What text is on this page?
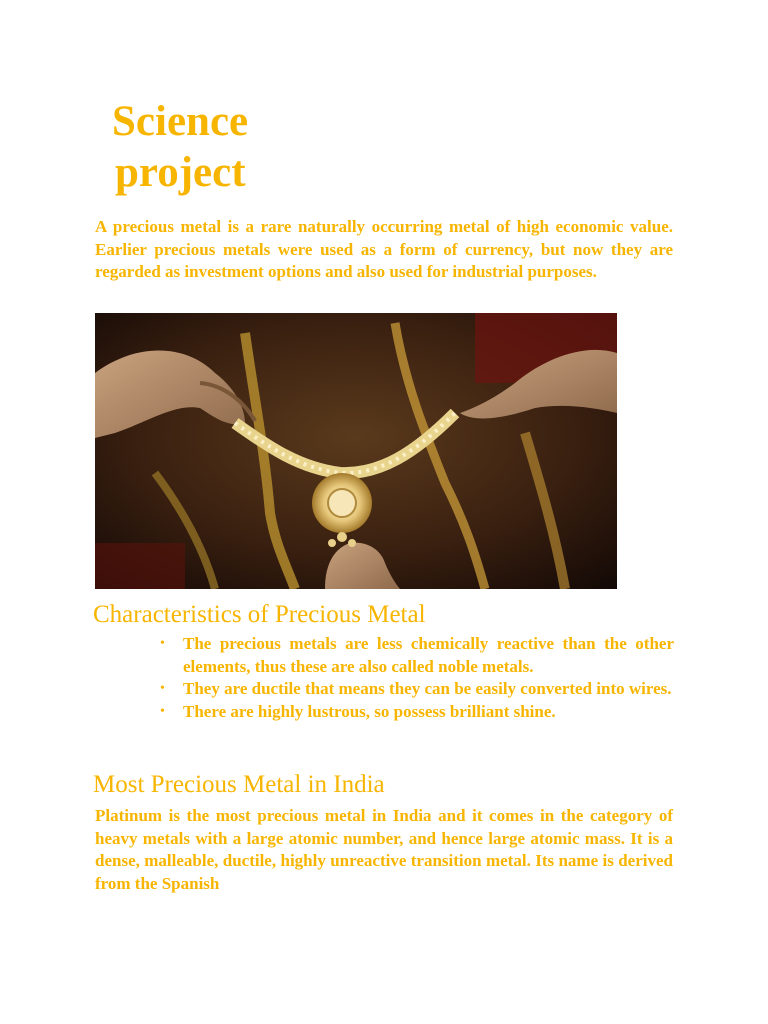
Science
project

A precious metal is a rare naturally occurring metal of high economic value. Earlier precious metals were used as a form of currency, but now they are regarded as investment options and also used for industrial purposes.

Characteristics of Precious Metal
• The precious metals are less chemically reactive than the other elements, thus these are also called noble metals.
• They are ductile that means they can be easily converted into wires.
• There are highly lustrous, so possess brilliant shine.
Most Precious Metal in India

Platinum is the most precious metal in India and it comes in the category of heavy metals with a large atomic number, and hence large atomic mass. It is a dense, malleable, ductile, highly unreactive transition metal. Its name is derived from the Spanish
